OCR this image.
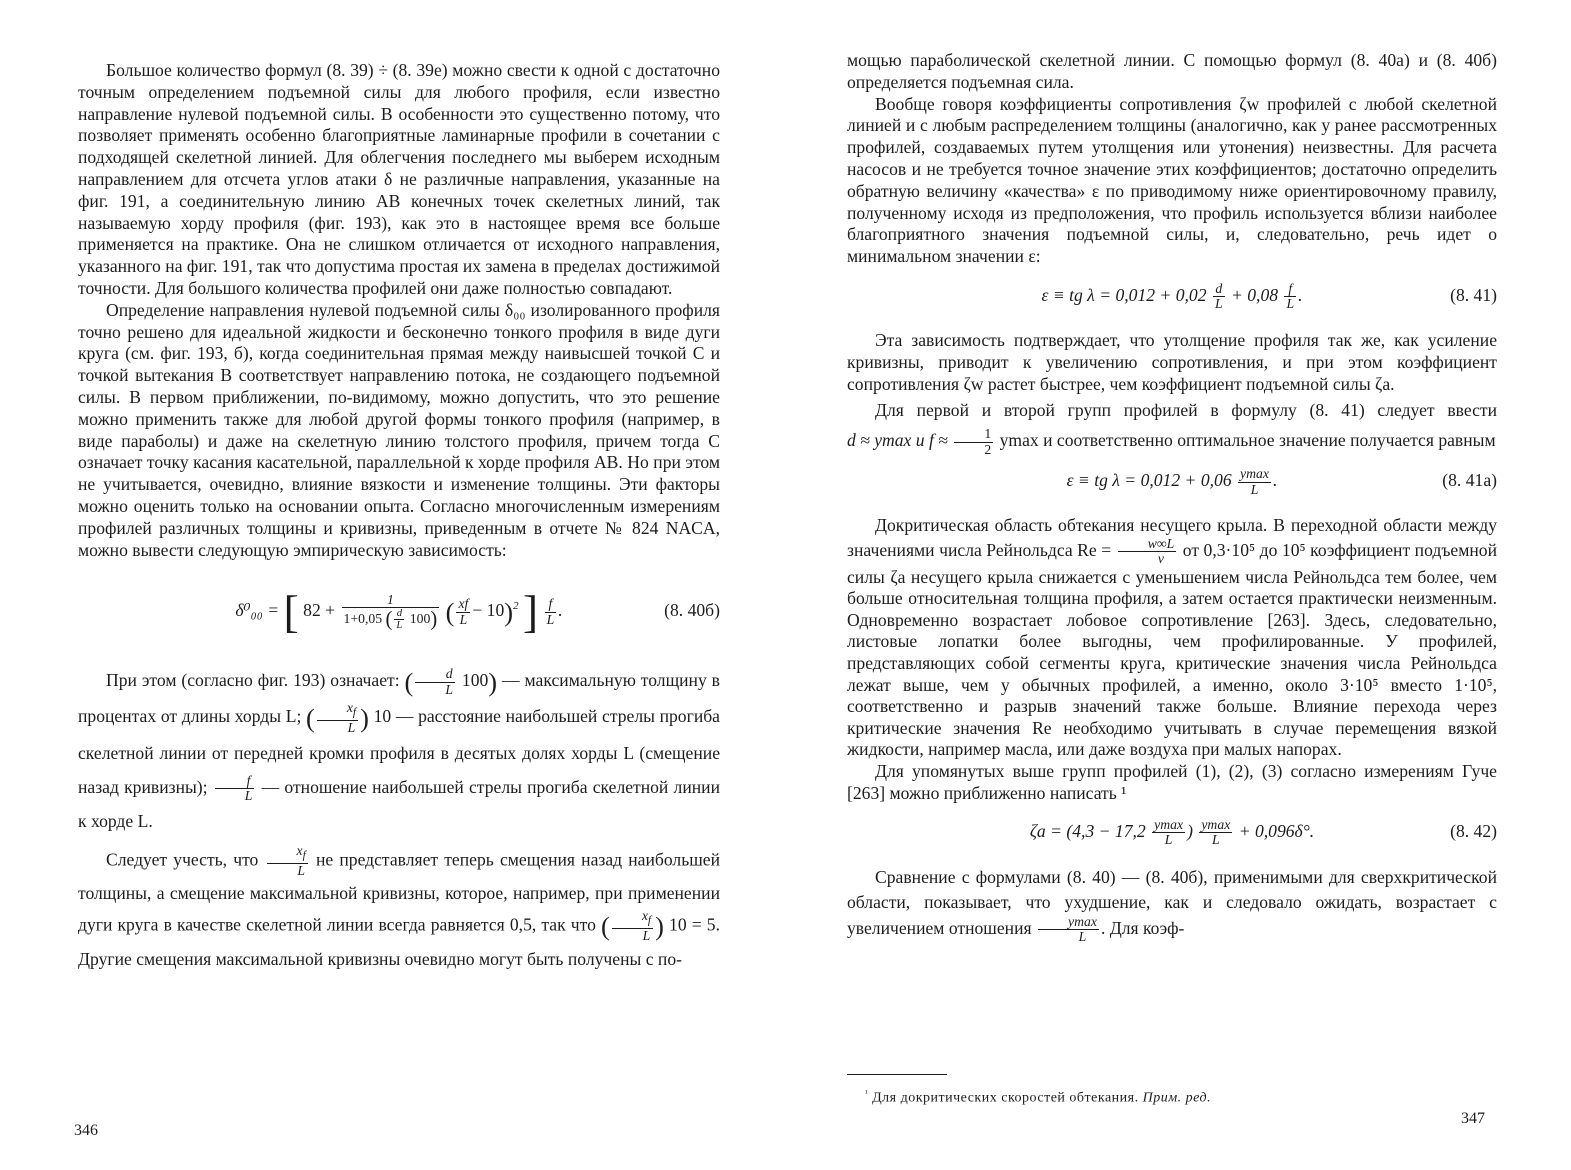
Большое количество формул (8. 39) ÷ (8. 39е) можно свести к одной с достаточно точным определением подъемной силы для любого профиля, если известно направление нулевой подъемной силы. В особенности это существенно потому, что позволяет применять особенно благоприятные ламинарные профили в сочетании с подходящей скелетной линией. Для облегчения последнего мы выберем исходным направлением для отсчета углов атаки δ не различные направления, указанные на фиг. 191, а соединительную линию AB конечных точек скелетных линий, так называемую хорду профиля (фиг. 193), как это в настоящее время все больше применяется на практике. Она не слишком отличается от исходного направления, указанного на фиг. 191, так что допустима простая их замена в пределах достижимой точности. Для большого количества профилей они даже полностью совпадают.

Определение направления нулевой подъемной силы δ₀₀ изолированного профиля точно решено для идеальной жидкости и бесконечно тонкого профиля в виде дуги круга (см. фиг. 193, б), когда соединительная прямая между наивысшей точкой C и точкой вытекания B соответствует направлению потока, не создающего подъемной силы. В первом приближении, по-видимому, можно допустить, что это решение можно применить также для любой другой формы тонкого профиля (например, в виде параболы) и даже на скелетную линию толстого профиля, причем тогда C означает точку касания касательной, параллельной к хорде профиля AB. Но при этом не учитывается, очевидно, влияние вязкости и изменение толщины. Эти факторы можно оценить только на основании опыта. Согласно многочисленным измерениям профилей различных толщины и кривизны, приведенным в отчете № 824 NACA, можно вывести следующую эмпирическую зависимость:

δ⁰₀₀ = [ $82 + \frac{1}{1+0,05 ( \frac{d}{L} 100)}$ ( $\frac{xf}{L} - 10)^2$ ] $\frac{f}{L}$ .	(8. 40б)

При этом (согласно фиг. 193) означает: ( $\frac{d}{L} 100$) — максимальную толщину в процентах от длины хорды L; ( $\frac{x_f}{L}$ ) 10 — расстояние наибольшей стрелы прогиба скелетной линии от передней кромки профиля в десятых долях хорды L (смещение назад кривизны); $\frac{f}{L}$ — отношение наибольшей стрелы прогиба скелетной линии к хорде L.

Следует учесть, что $\frac{x_f}{L}$ не представляет теперь смещения назад наибольшей толщины, а смещение максимальной кривизны, которое, например, при применении дуги круга в качестве скелетной линии всегда равняется 0,5, так что ( $\frac{x_f}{L}$ ) 10 = 5. Другие смещения максимальной кривизны очевидно могут быть получены с по-

346

мощью параболической скелетной линии. С помощью формул (8. 40а) и (8. 40б) определяется подъемная сила.

Вообще говоря коэффициенты сопротивления ζw профилей с любой скелетной линией и с любым распределением толщины (аналогично, как у ранее рассмотренных профилей, создаваемых путем утолщения или утонения) неизвестны. Для расчета насосов и не требуется точное значение этих коэффициентов; достаточно определить обратную величину «качества» ε по приводимому ниже ориентировочному правилу, полученному исходя из предположения, что профиль используется вблизи наиболее благоприятного значения подъемной силы, и, следовательно, речь идет о минимальном значении ε:

ε ≡ tg $\lambda = 0,012 + 0,02 \frac{d}{L} + 0,08 \frac{f}{L}$ .	(8. 41)

Эта зависимость подтверждает, что утолщение профиля так же, как усиление кривизны, приводит к увеличению сопротивления, и при этом коэффициент сопротивления ζw растет быстрее, чем коэффициент подъемной силы ζa.

Для первой и второй групп профилей в формулу (8. 41) следует ввести d ≈ ymax и $f \approx \frac{1}{2}$ ymax и соответственно оптимальное значение получается равным

ε ≡ tg $\lambda = 0,012 + 0,06 \frac{ymax}{L}$ .	(8. 41а)

Докритическая область обтекания несущего крыла. В переходной области между значениями числа Рейнольдса $Re = \frac{w\infty L}{\nu}$ от 0,3·10⁵ до 10⁵ коэффициент подъемной силы ζa несущего крыла снижается с уменьшением числа Рейнольдса тем более, чем больше относительная толщина профиля, а затем остается практически неизменным. Одновременно возрастает лобовое сопротивление [263]. Здесь, следовательно, листовые лопатки более выгодны, чем профилированные. У профилей, представляющих собой сегменты круга, критические значения числа Рейнольдса лежат выше, чем у обычных профилей, а именно, около 3·10⁵ вместо 1·10⁵, соответственно и разрыв значений также больше. Влияние перехода через критические значения Re необходимо учитывать в случае перемещения вязкой жидкости, например масла, или даже воздуха при малых напорах.

Для упомянутых выше групп профилей (1), (2), (3) согласно измерениям Гуче [263] можно приближенно написать ¹

$\zeta a = (4,3 - 17,2 \frac{ymax}{L}$ ) $\frac{ymax}{L} + 0,096\delta^\circ$.	(8. 42)

Сравнение с формулами (8. 40) — (8. 40б), применимыми для сверхкритической области, показывает, что ухудшение, как и следовало ожидать, возрастает с увеличением отношения $\frac{ymax}{L}$ . Для коэф-

$^{^1}$ Для докритических скоростей обтекания. Прим. ред.
347
